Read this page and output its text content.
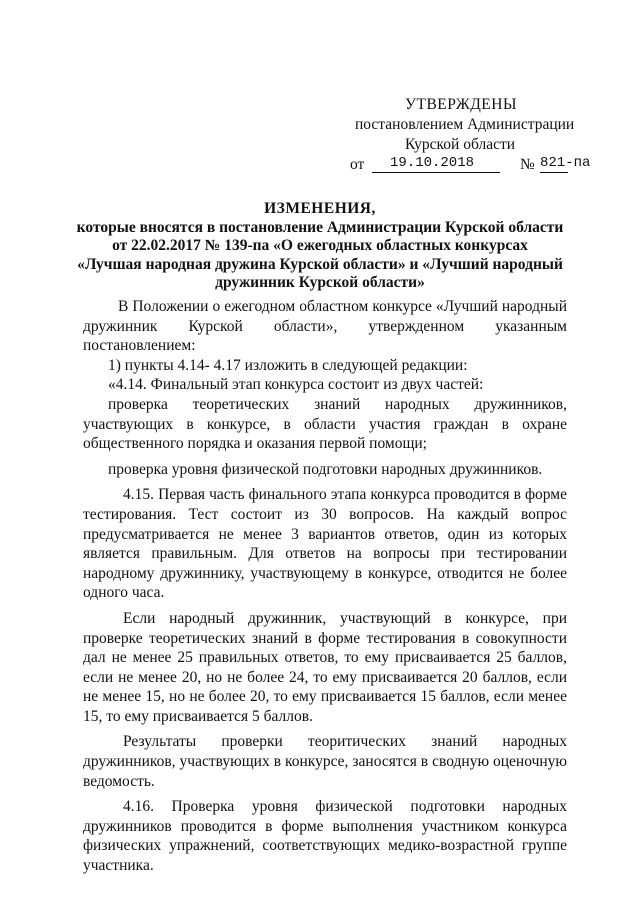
УТВЕРЖДЕНЫ
постановлением Администрации
Курской области
от 19.10.2018	№ 821-па
ИЗМЕНЕНИЯ,
которые вносятся в постановление Администрации Курской области
от 22.02.2017 № 139-па «О ежегодных областных конкурсах
«Лучшая народная дружина Курской области» и «Лучший народный
дружинник Курской области»

В Положении о ежегодном областном конкурсе «Лучший народный дружинник Курской области», утвержденном указанным постановлением:

1) пункты 4.14- 4.17 изложить в следующей редакции:

«4.14. Финальный этап конкурса состоит из двух частей:

проверка теоретических знаний народных дружинников, участвующих в конкурсе, в области участия граждан в охране общественного порядка и оказания первой помощи;

проверка уровня физической подготовки народных дружинников.

4.15. Первая часть финального этапа конкурса проводится в форме тестирования. Тест состоит из 30 вопросов. На каждый вопрос предусматривается не менее 3 вариантов ответов, один из которых является правильным. Для ответов на вопросы при тестировании народному дружиннику, участвующему в конкурсе, отводится не более одного часа.

Если народный дружинник, участвующий в конкурсе, при проверке теоретических знаний в форме тестирования в совокупности дал не менее 25 правильных ответов, то ему присваивается 25 баллов, если не менее 20, но не более 24, то ему присваивается 20 баллов, если не менее 15, но не более 20, то ему присваивается 15 баллов, если менее 15, то ему присваивается 5 баллов.

Результаты проверки теоритических знаний народных дружинников, участвующих в конкурсе, заносятся в сводную оценочную ведомость.

4.16. Проверка уровня физической подготовки народных дружинников проводится в форме выполнения участником конкурса физических упражнений, соответствующих медико-возрастной группе участника.
